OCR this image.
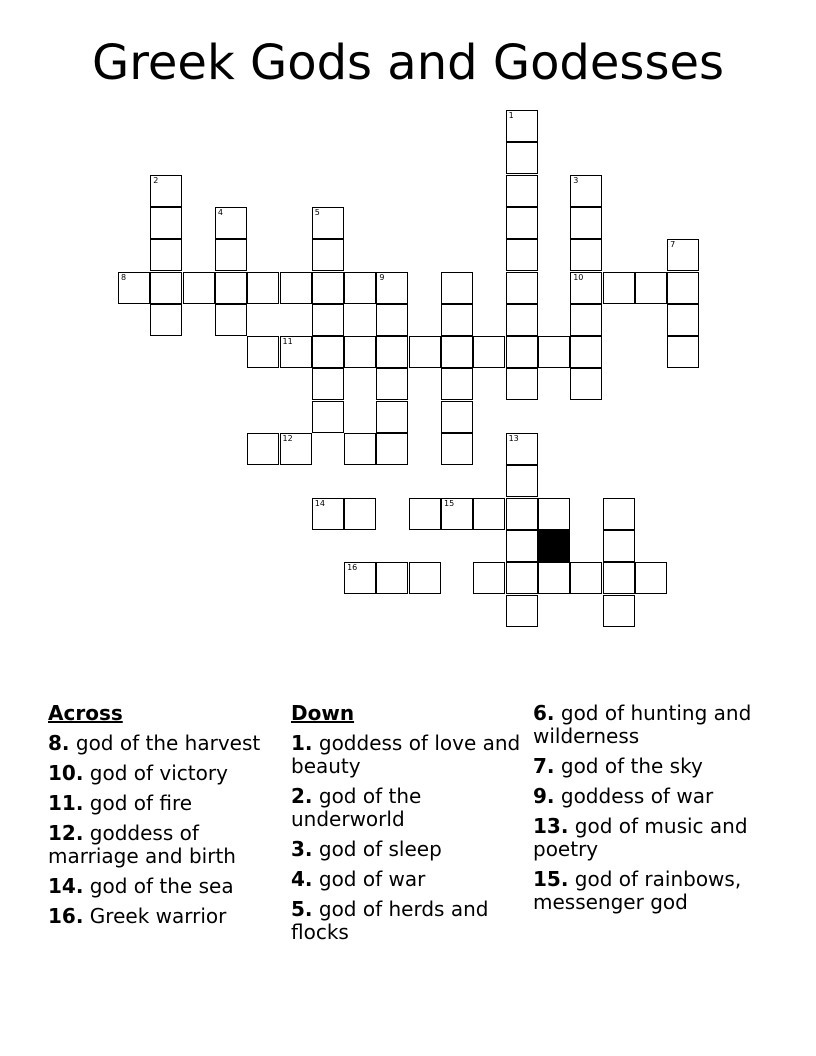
Greek Gods and Godesses
1
2	3
10
4	5
7
9
8
11
12	13
14	15
16
Across
8. god of the harvest
10. god of victory
11. god of fire
12. goddess of marriage and birth
14. god of the sea
16. Greek warrior
Down
1. goddess of love and beauty
2. god of the underworld
3. god of sleep
4. god of war
5. god of herds and flocks
6. god of hunting and wilderness
7. god of the sky
9. goddess of war
13. god of music and poetry
15. god of rainbows, messenger god
